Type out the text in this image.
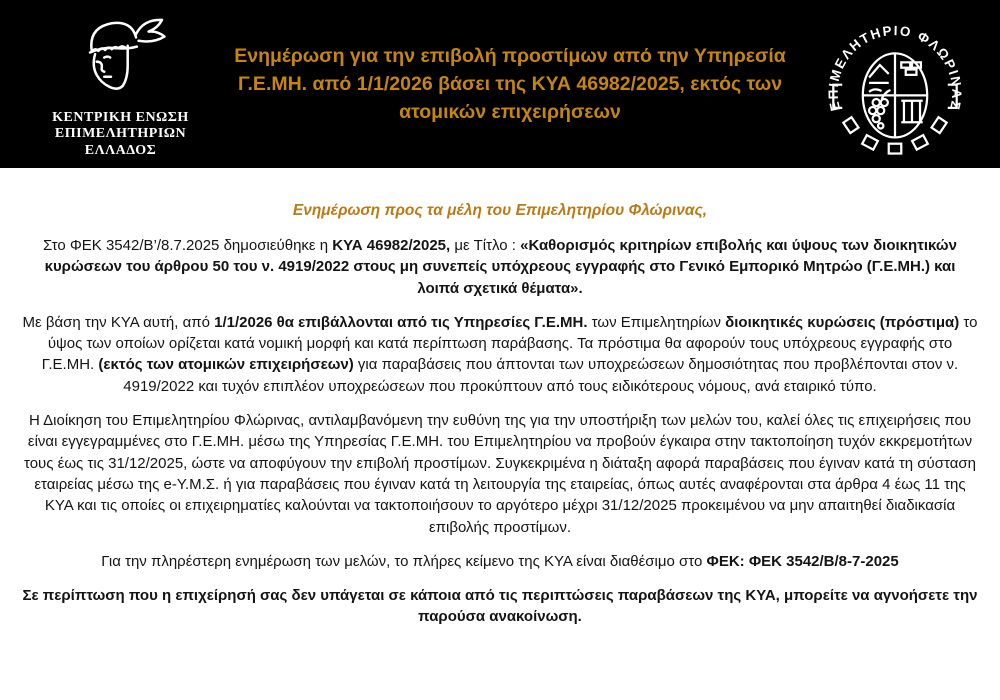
ΚΕΝΤΡΙΚΗ ΕΝΩΣΗ
ΕΠΙΜΕΛΗΤΗΡΙΩΝ
ΕΛΛΑΔΟΣ
Ενημέρωση για την επιβολή προστίμων από την Υπηρεσία Γ.Ε.ΜΗ. από 1/1/2026 βάσει της ΚΥΑ 46982/2025, εκτός των ατομικών επιχειρήσεων	ΕΠΙΜΕΛΗΤΗΡΙΟ ΦΛΩΡΙΝΑΣ
Ενημέρωση προς τα μέλη του Επιμελητηρίου Φλώρινας,

Στο ΦΕΚ 3542/Β’/8.7.2025 δημοσιεύθηκε η ΚΥΑ 46982/2025, με Τίτλο : «Καθορισμός κριτηρίων επιβολής και ύψους των διοικητικών κυρώσεων του άρθρου 50 του ν. 4919/2022 στους μη συνεπείς υπόχρεους εγγραφής στο Γενικό Εμπορικό Μητρώο (Γ.Ε.ΜΗ.) και λοιπά σχετικά θέματα».

Με βάση την ΚΥΑ αυτή, από 1/1/2026 θα επιβάλλονται από τις Υπηρεσίες Γ.Ε.ΜΗ. των Επιμελητηρίων διοικητικές κυρώσεις (πρόστιμα) το ύψος των οποίων ορίζεται κατά νομική μορφή και κατά περίπτωση παράβασης. Τα πρόστιμα θα αφορούν τους υπόχρεους εγγραφής στο Γ.Ε.ΜΗ. (εκτός των ατομικών επιχειρήσεων) για παραβάσεις που άπτονται των υποχρεώσεων δημοσιότητας που προβλέπονται στον ν. 4919/2022 και τυχόν επιπλέον υποχρεώσεων που προκύπτουν από τους ειδικότερους νόμους, ανά εταιρικό τύπο.

Η Διοίκηση του Επιμελητηρίου Φλώρινας, αντιλαμβανόμενη την ευθύνη της για την υποστήριξη των μελών του, καλεί όλες τις επιχειρήσεις που είναι εγγεγραμμένες στο Γ.Ε.ΜΗ. μέσω της Υπηρεσίας Γ.Ε.ΜΗ. του Επιμελητηρίου να προβούν έγκαιρα στην τακτοποίηση τυχόν εκκρεμοτήτων τους έως τις 31/12/2025, ώστε να αποφύγουν την επιβολή προστίμων. Συγκεκριμένα η διάταξη αφορά παραβάσεις που έγιναν κατά τη σύσταση εταιρείας μέσω της e-Υ.Μ.Σ. ή για παραβάσεις που έγιναν κατά τη λειτουργία της εταιρείας, όπως αυτές αναφέρονται στα άρθρα 4 έως 11 της ΚΥΑ και τις οποίες οι επιχειρηματίες καλούνται να τακτοποιήσουν το αργότερο μέχρι 31/12/2025 προκειμένου να μην απαιτηθεί διαδικασία επιβολής προστίμων.

Για την πληρέστερη ενημέρωση των μελών, το πλήρες κείμενο της ΚΥΑ είναι διαθέσιμο στο ΦΕΚ: ΦΕΚ 3542/Β/8-7-2025

Σε περίπτωση που η επιχείρησή σας δεν υπάγεται σε κάποια από τις περιπτώσεις παραβάσεων της ΚΥΑ, μπορείτε να αγνοήσετε την παρούσα ανακοίνωση.
